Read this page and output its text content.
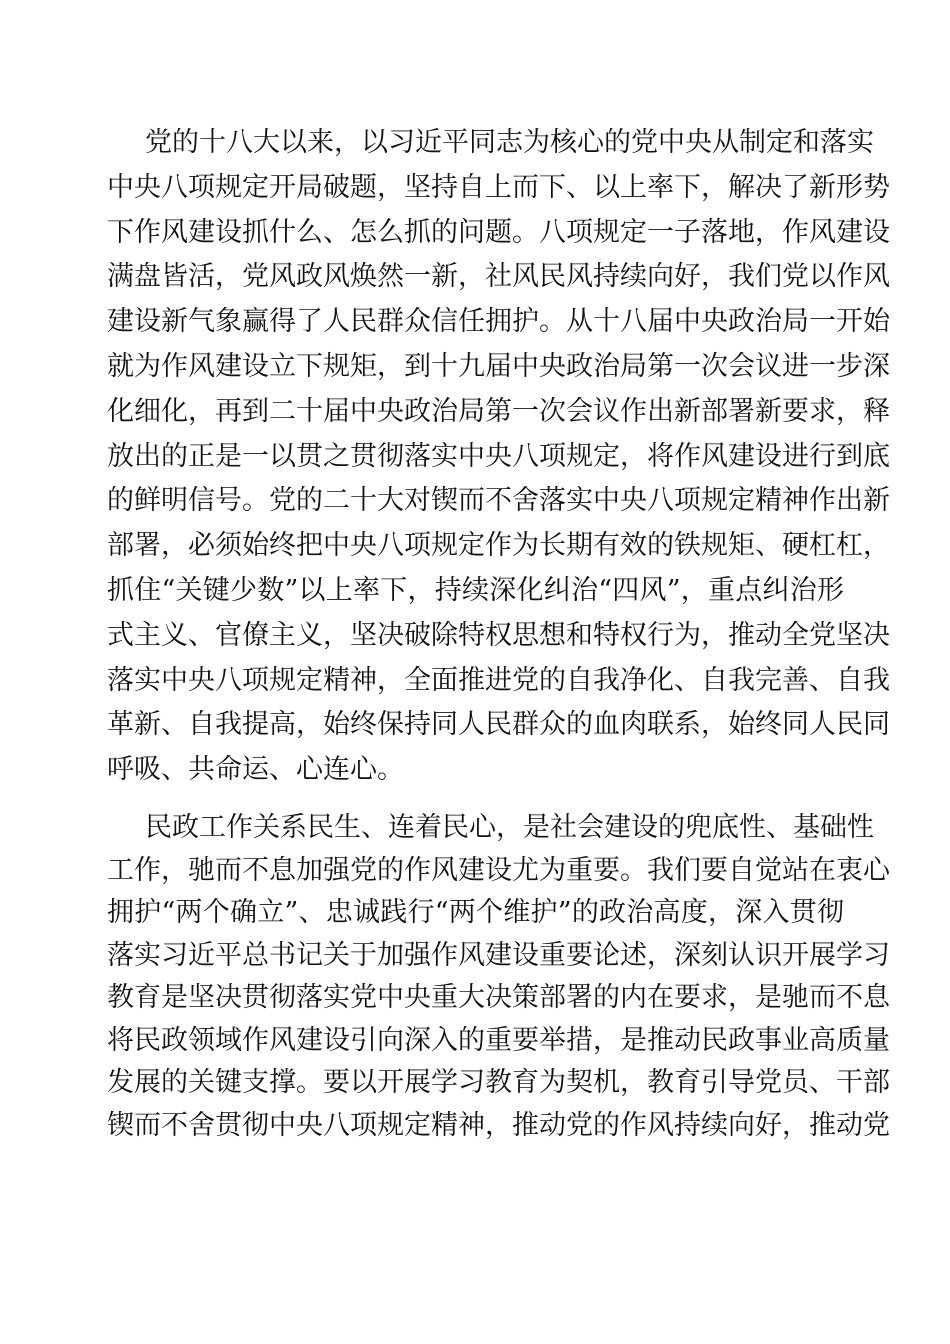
党的十八大以来，以习近平同志为核心的党中央从制定和落实
中央八项规定开局破题，坚持自上而下、以上率下，解决了新形势
下作风建设抓什么、怎么抓的问题。八项规定一子落地，作风建设
满盘皆活，党风政风焕然一新，社风民风持续向好，我们党以作风
建设新气象赢得了人民群众信任拥护。从十八届中央政治局一开始
就为作风建设立下规矩，到十九届中央政治局第一次会议进一步深
化细化，再到二十届中央政治局第一次会议作出新部署新要求，释
放出的正是一以贯之贯彻落实中央八项规定，将作风建设进行到底
的鲜明信号。党的二十大对锲而不舍落实中央八项规定精神作出新
部署，必须始终把中央八项规定作为长期有效的铁规矩、硬杠杠，
抓住“关键少数”以上率下，持续深化纠治“四风”，重点纠治形
式主义、官僚主义，坚决破除特权思想和特权行为，推动全党坚决
落实中央八项规定精神，全面推进党的自我净化、自我完善、自我
革新、自我提高，始终保持同人民群众的血肉联系，始终同人民同
呼吸、共命运、心连心。
民政工作关系民生、连着民心，是社会建设的兜底性、基础性
工作，驰而不息加强党的作风建设尤为重要。我们要自觉站在衷心
拥护“两个确立”、忠诚践行“两个维护”的政治高度，深入贯彻
落实习近平总书记关于加强作风建设重要论述，深刻认识开展学习
教育是坚决贯彻落实党中央重大决策部署的内在要求，是驰而不息
将民政领域作风建设引向深入的重要举措，是推动民政事业高质量
发展的关键支撑。要以开展学习教育为契机，教育引导党员、干部
锲而不舍贯彻中央八项规定精神，推动党的作风持续向好，推动党
